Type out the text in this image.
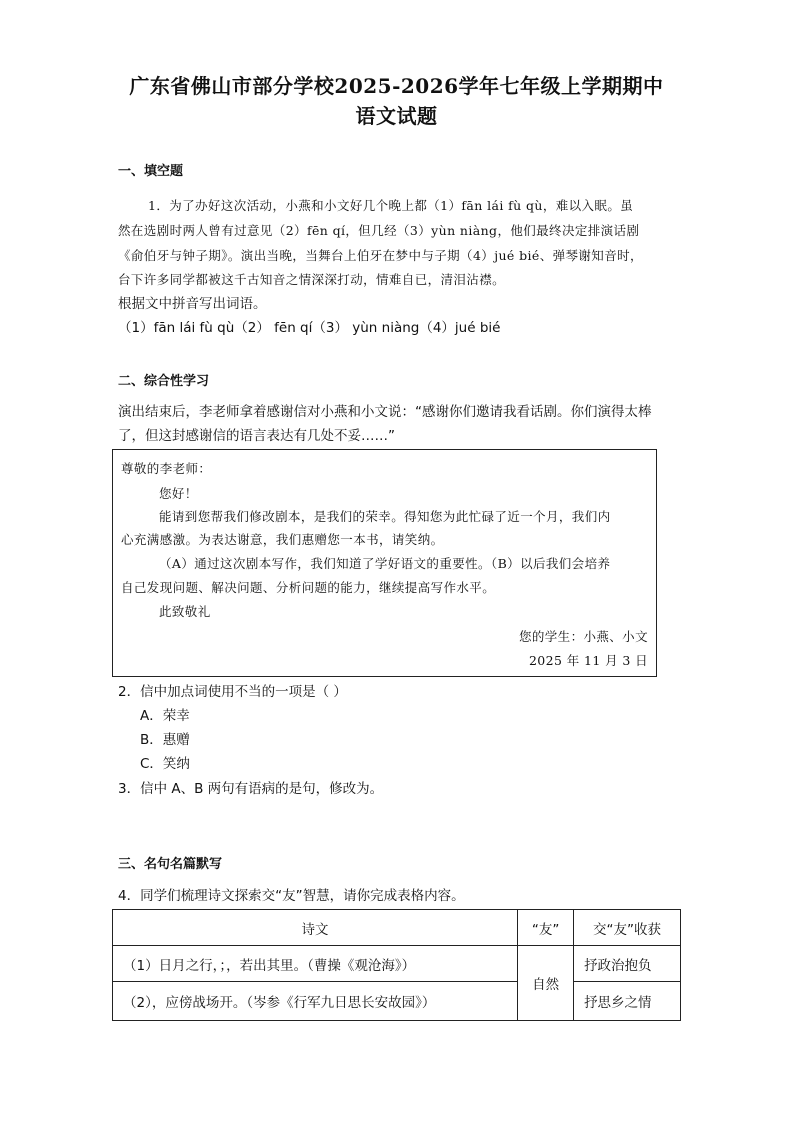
广东省佛山市部分学校2025-2026学年七年级上学期期中
语文试题
一、填空题
1．为了办好这次活动，小燕和小文好几个晚上都（1）fān lái fù qù，难以入眠。虽
然在选剧时两人曾有过意见（2）fēn qí，但几经（3）yùn niàng，他们最终决定排演话剧
《俞伯牙与钟子期》。演出当晚，当舞台上伯牙在梦中与子期（4）jué bié、弹琴谢知音时，
台下许多同学都被这千古知音之情深深打动，情难自已，清泪沾襟。
根据文中拼音写出词语。
（1）fān lái fù qù（2） fēn qí（3） yùn niàng（4）jué bié
二、综合性学习
演出结束后，李老师拿着感谢信对小燕和小文说：“感谢你们邀请我看话剧。你们演得太棒
了，但这封感谢信的语言表达有几处不妥……”
尊敬的李老师：
您好！
能请到您帮我们修改剧本，是我们的荣幸。得知您为此忙碌了近一个月，我们内
心充满感激。为表达谢意，我们惠赠您一本书，请笑纳。
（A）通过这次剧本写作，我们知道了学好语文的重要性。（B）以后我们会培养
自己发现问题、解决问题、分析问题的能力，继续提高写作水平。
此致敬礼
您的学生：小燕、小文
2025 年 11 月 3 日
2．信中加点词使用不当的一项是（ ）
A．荣幸
B．惠赠
C．笑纳
3．信中 A、B 两句有语病的是句，修改为。
三、名句名篇默写
4．同学们梳理诗文探索交“友”智慧，请你完成表格内容。
诗文	“友”	交“友”收获
（1）日月之行，；，若出其里。（曹操《观沧海》）	自然	抒政治抱负
（2），应傍战场开。（岑参《行军九日思长安故园》）		抒思乡之情
